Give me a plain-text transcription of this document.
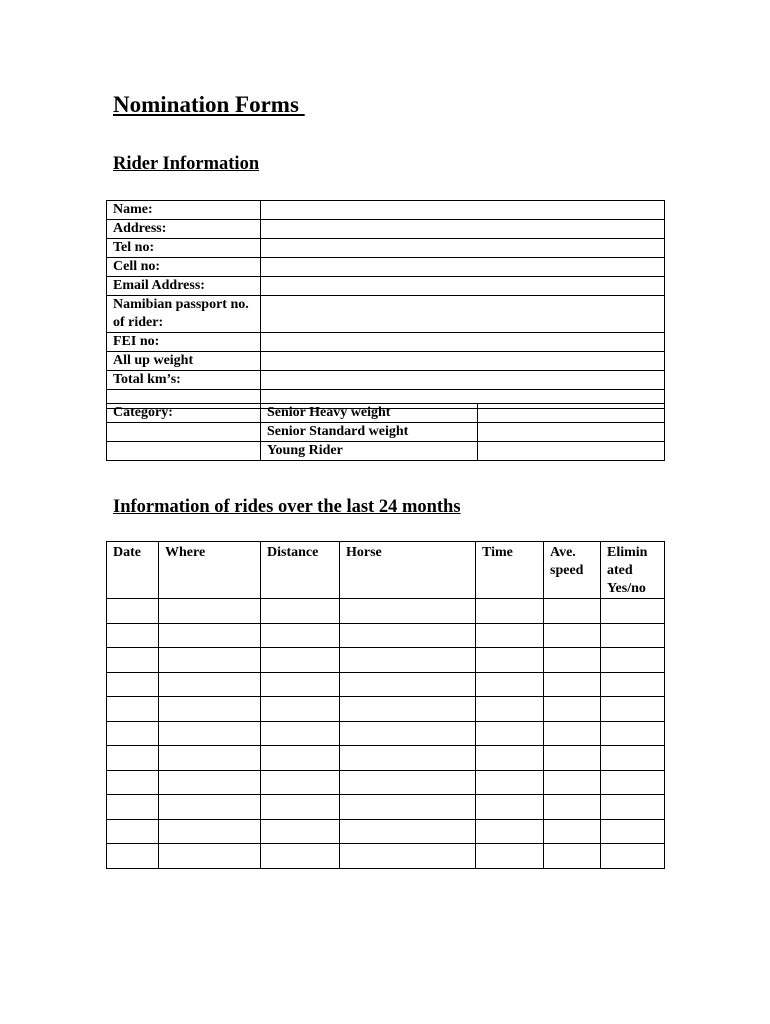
Nomination Forms
Rider Information
Name:	
Address:	
Tel no:	
Cell no:	
Email Address:	
Namibian passport no. of rider:	
FEI no:	
All up weight	
Total km’s:	

Category:	Senior Heavy weight	
	Senior Standard weight	
	Young Rider	
Information of rides over the last 24 months
Date	Where	Distance	Horse	Time	Ave. speed	Elimin ated Yes/no
